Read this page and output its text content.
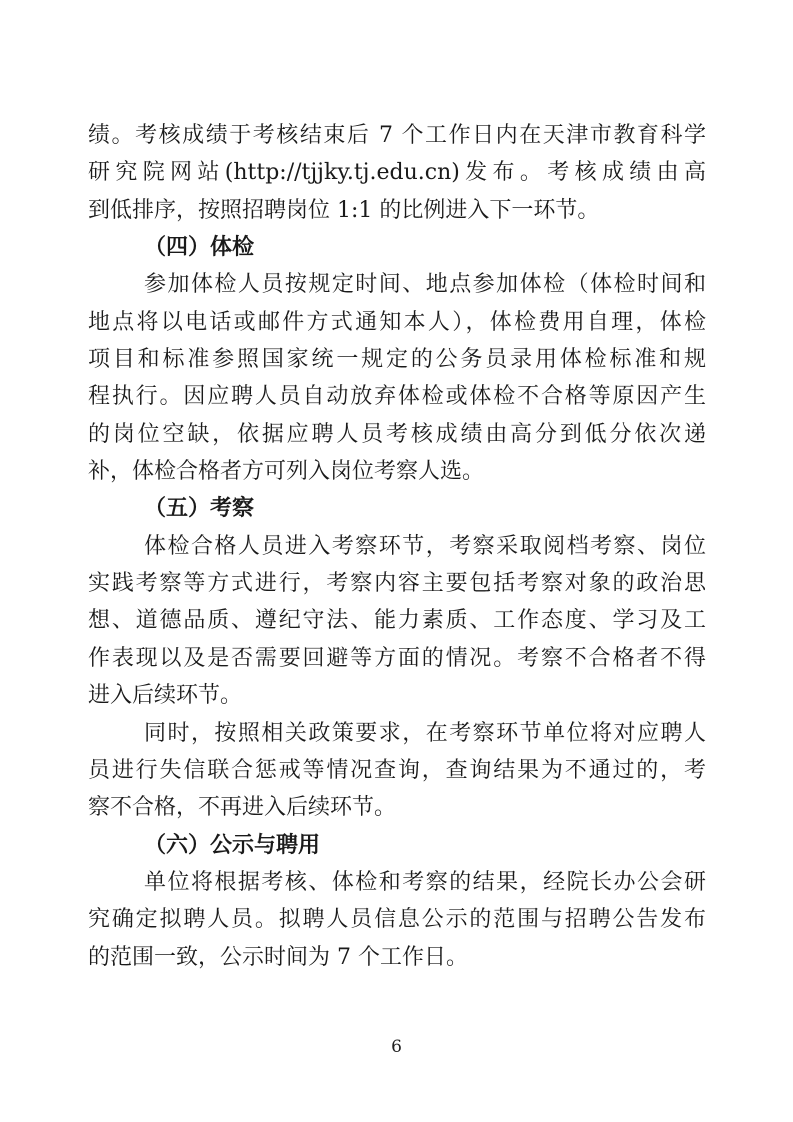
绩。考核成绩于考核结束后 7 个工作日内在天津市教育科学
研究院网站(http://tjjky.tj.edu.cn)发布。考核成绩由高
到低排序，按照招聘岗位 1:1 的比例进入下一环节。
（四）体检
参加体检人员按规定时间、地点参加体检（体检时间和
地点将以电话或邮件方式通知本人），体检费用自理，体检
项目和标准参照国家统一规定的公务员录用体检标准和规
程执行。因应聘人员自动放弃体检或体检不合格等原因产生
的岗位空缺，依据应聘人员考核成绩由高分到低分依次递
补，体检合格者方可列入岗位考察人选。
（五）考察
体检合格人员进入考察环节，考察采取阅档考察、岗位
实践考察等方式进行，考察内容主要包括考察对象的政治思
想、道德品质、遵纪守法、能力素质、工作态度、学习及工
作表现以及是否需要回避等方面的情况。考察不合格者不得
进入后续环节。
同时，按照相关政策要求，在考察环节单位将对应聘人
员进行失信联合惩戒等情况查询，查询结果为不通过的，考
察不合格，不再进入后续环节。
（六）公示与聘用
单位将根据考核、体检和考察的结果，经院长办公会研
究确定拟聘人员。拟聘人员信息公示的范围与招聘公告发布
的范围一致，公示时间为 7 个工作日。
6
